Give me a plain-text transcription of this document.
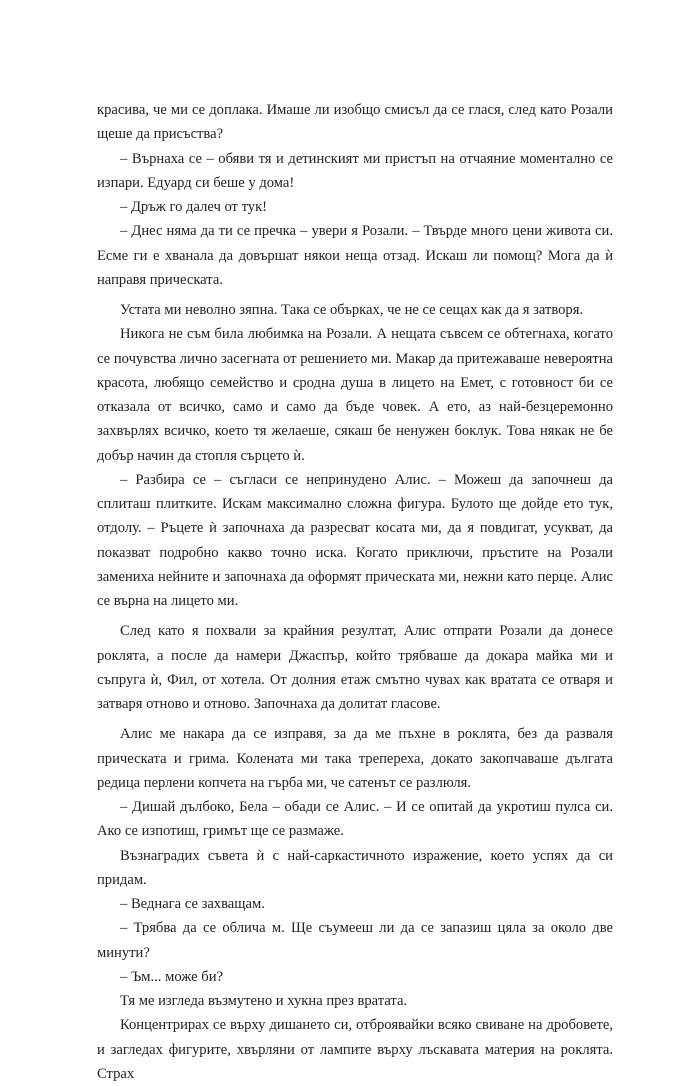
красива, че ми се доплака. Имаше ли изобщо смисъл да се глася, след като Розали щеше да присъства?

– Върнаха се – обяви тя и детинският ми пристъп на отчаяние моментално се изпари. Едуард си беше у дома!

– Дръж го далеч от тук!

– Днес няма да ти се пречка – увери я Розали. – Твърде много цени живота си. Есме ги е хванала да довършат някои неща отзад. Искаш ли помощ? Мога да ѝ направя прическата.

Устата ми неволно зяпна. Така се объркаx, че не се сещах как да я затворя.

Никога не съм била любимка на Розали. А нещата съвсем се обтегнаха, когато се почувства лично засегната от решението ми. Макар да притежаваше невероятна красота, любящо семейство и сродна душа в лицето на Емет, с готовност би се отказала от всичко, само и само да бъде човек. А ето, аз най-безцеремонно захвърлях всичко, което тя желаеше, сякаш бе ненужен боклук. Това някак не бе добър начин да стопля сърцето ѝ.

– Разбира се – съгласи се непринудено Алис. – Можеш да започнеш да сплиташ плитките. Искам максимално сложна фигура. Булото ще дойде ето тук, отдолу. – Ръцете ѝ започнаха да разресват косата ми, да я повдигат, усукват, да показват подробно какво точно иска. Когато приключи, пръстите на Розали замениха нейните и започнаха да оформят прическата ми, нежни като перце. Алис се върна на лицето ми.

След като я похвали за крайния резултат, Алис отпрати Розали да донесе роклята, а после да намери Джаспър, който трябваше да докара майка ми и съпруга ѝ, Фил, от хотела. От долния етаж смътно чувах как вратата се отваря и затваря отново и отново. Започнаха да долитат гласове.

Алис ме накара да се изправя, за да ме пъхне в роклята, без да разваля прическата и грима. Колената ми така трепереха, докато закопчаваше дългата редица перлени копчета на гърба ми, че сатенът се разлюля.

– Дишай дълбоко, Бела – обади се Алис. – И се опитай да укротиш пулса си. Ако се изпотиш, гримът ще се размаже.

Възнаградих съвета ѝ с най-саркастичното изражение, което успях да си придам.

– Веднага се захващам.

– Трябва да се облича м. Ще съумееш ли да се запазиш цяла за около две минути?

– Ъм... може би?

Тя ме изгледа възмутено и хукна през вратата.

Концентрирах се върху дишането си, отброявайки всяко свиване на дробовете, и загледах фигурите, хвърляни от лампите върху лъскавата материя на роклята. Страх
